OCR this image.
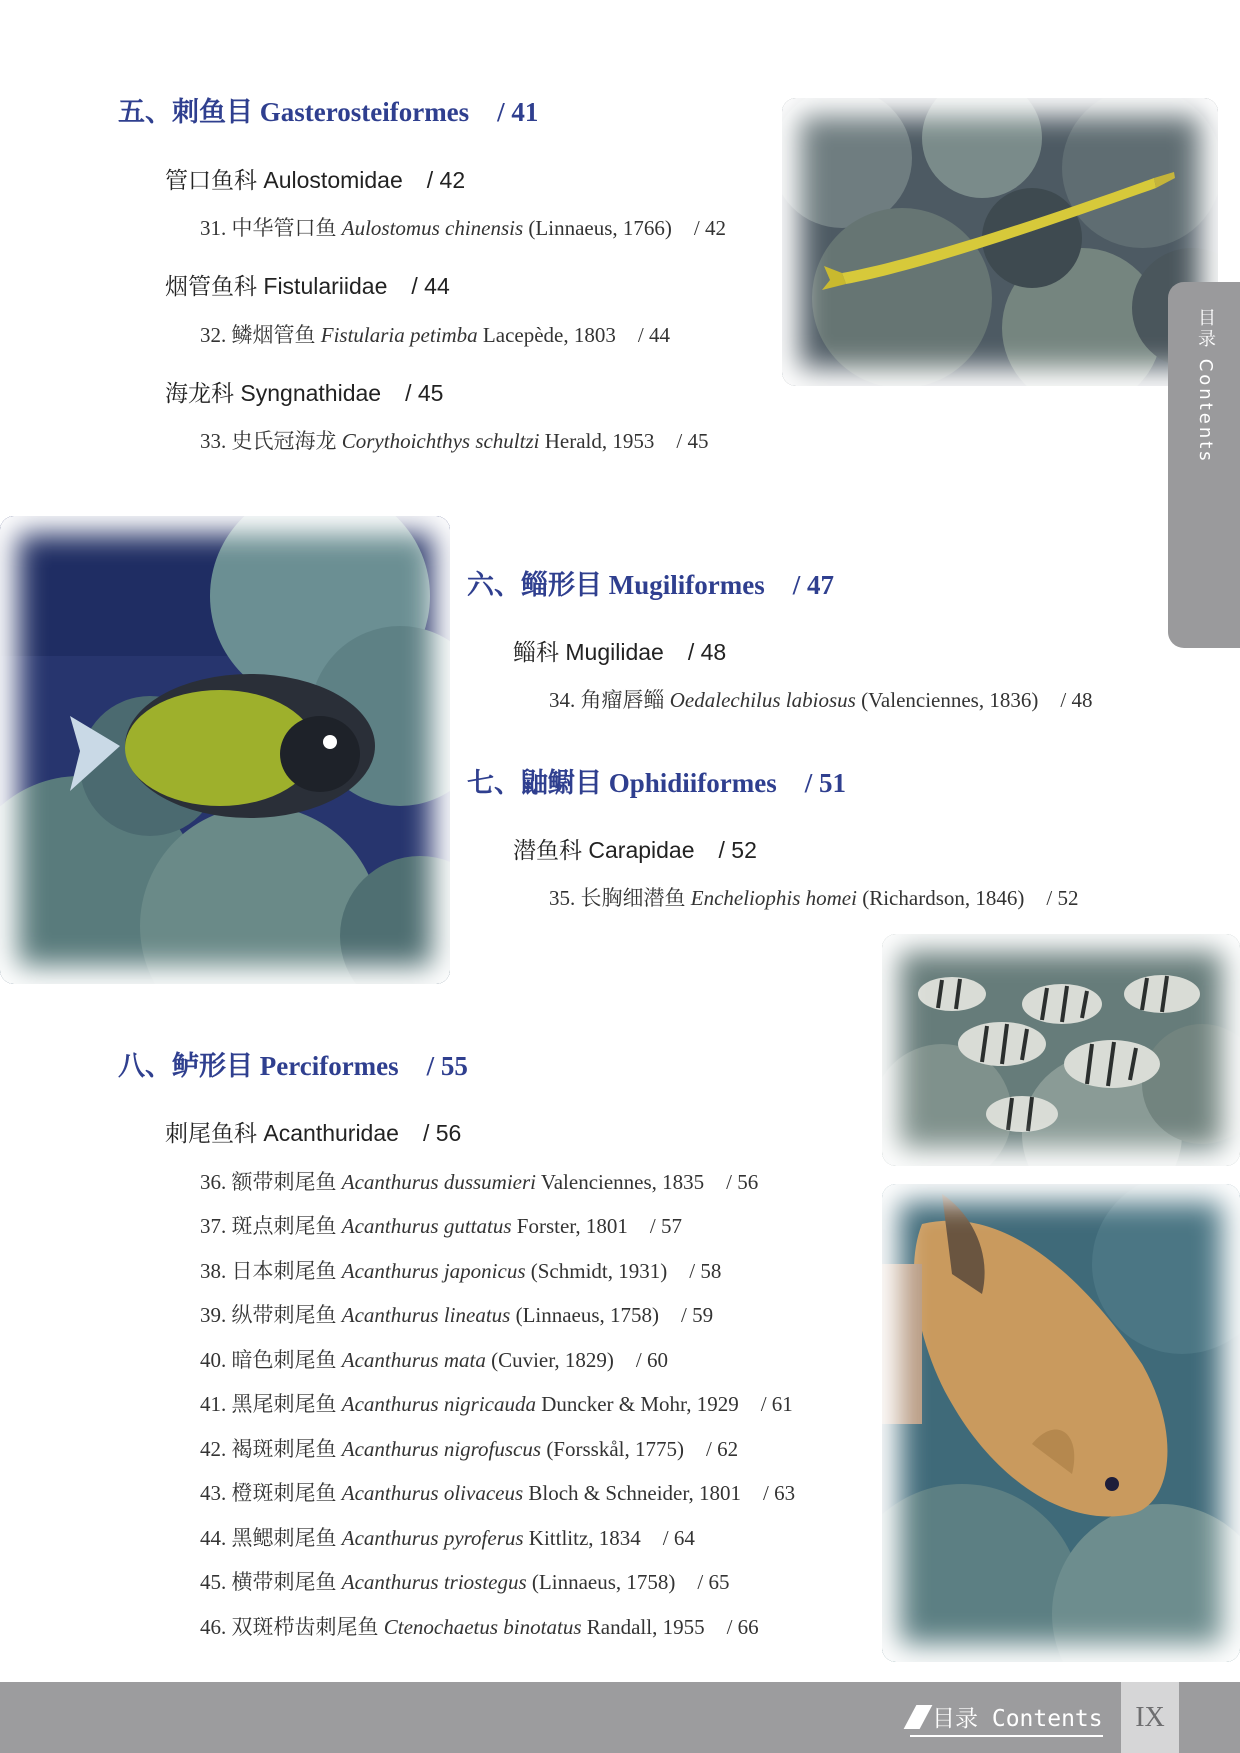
目录 Contents
五、刺鱼目 Gasterosteiformes / 41
管口鱼科 Aulostomidae / 42
31. 中华管口鱼 Aulostomus chinensis (Linnaeus, 1766) / 42
烟管鱼科 Fistulariidae / 44
32. 鳞烟管鱼 Fistularia petimba Lacepède, 1803 / 44
海龙科 Syngnathidae / 45
33. 史氏冠海龙 Corythoichthys schultzi Herald, 1953 / 45
六、鲻形目 Mugiliformes / 47
鲻科 Mugilidae / 48
34. 角瘤唇鲻 Oedalechilus labiosus (Valenciennes, 1836) / 48
七、鼬鳚目 Ophidiiformes / 51
潜鱼科 Carapidae / 52
35. 长胸细潜鱼 Encheliophis homei (Richardson, 1846) / 52
八、鲈形目 Perciformes / 55
刺尾鱼科 Acanthuridae / 56
36. 额带刺尾鱼 Acanthurus dussumieri Valenciennes, 1835 / 56
37. 斑点刺尾鱼 Acanthurus guttatus Forster, 1801 / 57
38. 日本刺尾鱼 Acanthurus japonicus (Schmidt, 1931) / 58
39. 纵带刺尾鱼 Acanthurus lineatus (Linnaeus, 1758) / 59
40. 暗色刺尾鱼 Acanthurus mata (Cuvier, 1829) / 60
41. 黑尾刺尾鱼 Acanthurus nigricauda Duncker & Mohr, 1929 / 61
42. 褐斑刺尾鱼 Acanthurus nigrofuscus (Forsskål, 1775) / 62
43. 橙斑刺尾鱼 Acanthurus olivaceus Bloch & Schneider, 1801 / 63
44. 黑鳃刺尾鱼 Acanthurus pyroferus Kittlitz, 1834 / 64
45. 横带刺尾鱼 Acanthurus triostegus (Linnaeus, 1758) / 65
46. 双斑栉齿刺尾鱼 Ctenochaetus binotatus Randall, 1955 / 66
目录 Contents	IX
